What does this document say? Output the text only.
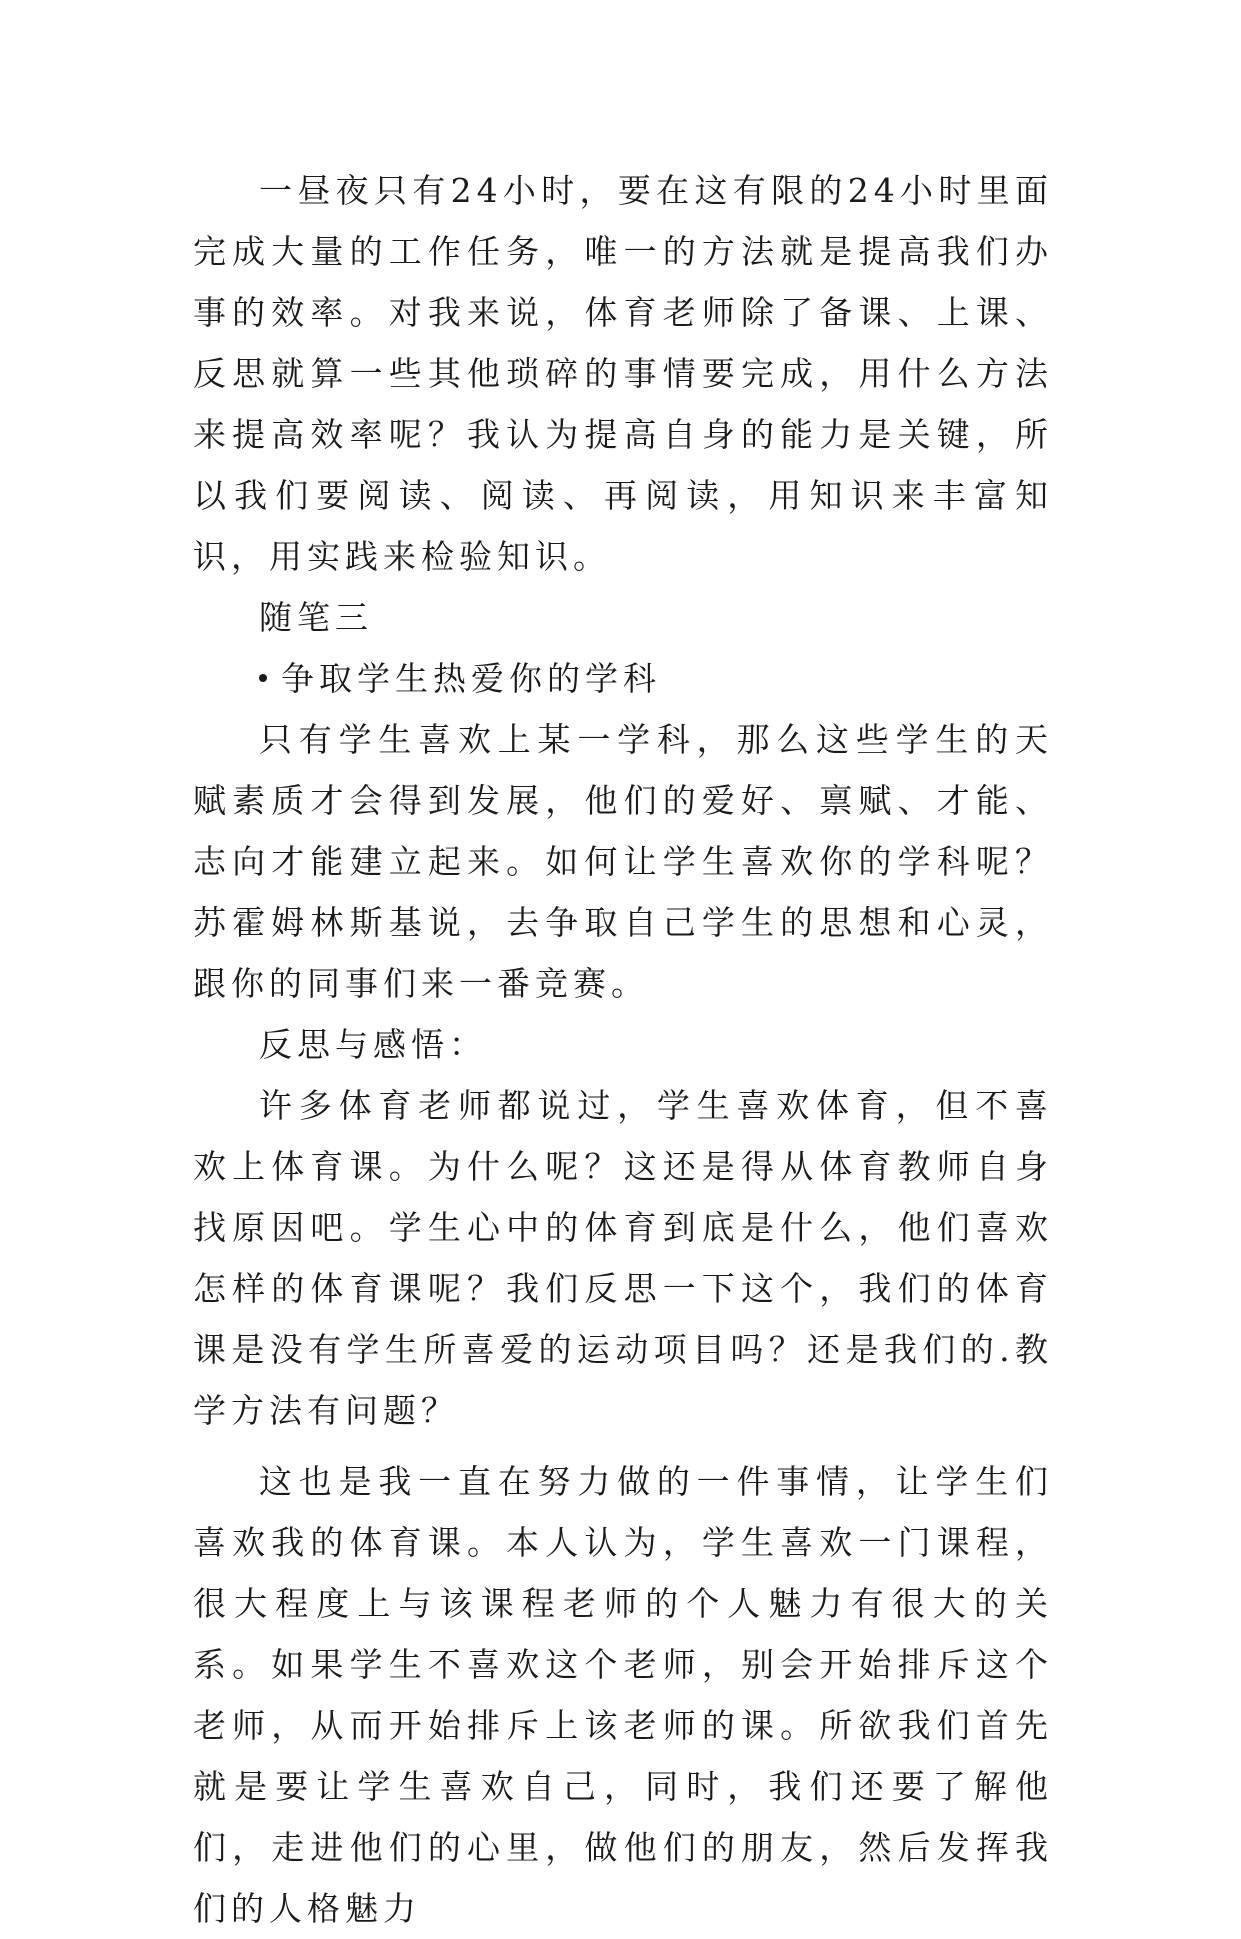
一昼夜只有24小时，要在这有限的24小时里面完成大量的工作任务，唯一的方法就是提高我们办事的效率。对我来说，体育老师除了备课、上课、反思就算一些其他琐碎的事情要完成，用什么方法来提高效率呢？我认为提高自身的能力是关键，所以我们要阅读、阅读、再阅读，用知识来丰富知识，用实践来检验知识。

随笔三

争取学生热爱你的学科

只有学生喜欢上某一学科，那么这些学生的天赋素质才会得到发展，他们的爱好、禀赋、才能、志向才能建立起来。如何让学生喜欢你的学科呢？苏霍姆林斯基说，去争取自己学生的思想和心灵，跟你的同事们来一番竞赛。

反思与感悟：

许多体育老师都说过，学生喜欢体育，但不喜欢上体育课。为什么呢？这还是得从体育教师自身找原因吧。学生心中的体育到底是什么，他们喜欢怎样的体育课呢？我们反思一下这个，我们的体育课是没有学生所喜爱的运动项目吗？还是我们的.教学方法有问题？

这也是我一直在努力做的一件事情，让学生们喜欢我的体育课。本人认为，学生喜欢一门课程，很大程度上与该课程老师的个人魅力有很大的关系。如果学生不喜欢这个老师，别会开始排斥这个老师，从而开始排斥上该老师的课。所欲我们首先就是要让学生喜欢自己，同时，我们还要了解他们，走进他们的心里，做他们的朋友，然后发挥我们的人格魅力
